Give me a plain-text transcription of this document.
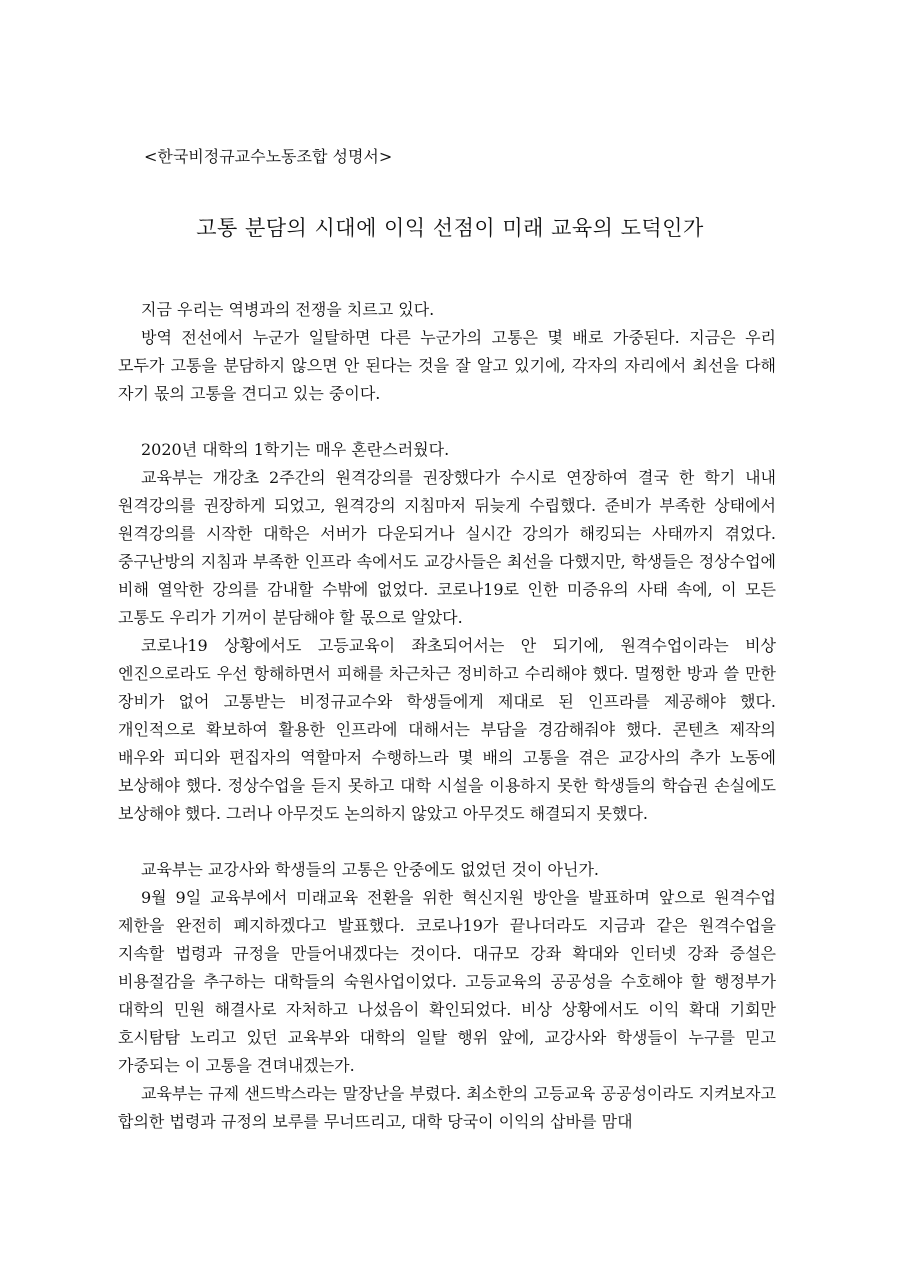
<한국비정규교수노동조합 성명서>
고통 분담의 시대에 이익 선점이 미래 교육의 도덕인가

지금 우리는 역병과의 전쟁을 치르고 있다.

방역 전선에서 누군가 일탈하면 다른 누군가의 고통은 몇 배로 가중된다. 지금은 우리 모두가 고통을 분담하지 않으면 안 된다는 것을 잘 알고 있기에, 각자의 자리에서 최선을 다해 자기 몫의 고통을 견디고 있는 중이다.

2020년 대학의 1학기는 매우 혼란스러웠다.

교육부는 개강초 2주간의 원격강의를 권장했다가 수시로 연장하여 결국 한 학기 내내 원격강의를 권장하게 되었고, 원격강의 지침마저 뒤늦게 수립했다. 준비가 부족한 상태에서 원격강의를 시작한 대학은 서버가 다운되거나 실시간 강의가 해킹되는 사태까지 겪었다. 중구난방의 지침과 부족한 인프라 속에서도 교강사들은 최선을 다했지만, 학생들은 정상수업에 비해 열악한 강의를 감내할 수밖에 없었다. 코로나19로 인한 미증유의 사태 속에, 이 모든 고통도 우리가 기꺼이 분담해야 할 몫으로 알았다.

코로나19 상황에서도 고등교육이 좌초되어서는 안 되기에, 원격수업이라는 비상 엔진으로라도 우선 항해하면서 피해를 차근차근 정비하고 수리해야 했다. 멀쩡한 방과 쓸 만한 장비가 없어 고통받는 비정규교수와 학생들에게 제대로 된 인프라를 제공해야 했다. 개인적으로 확보하여 활용한 인프라에 대해서는 부담을 경감해줘야 했다. 콘텐츠 제작의 배우와 피디와 편집자의 역할마저 수행하느라 몇 배의 고통을 겪은 교강사의 추가 노동에 보상해야 했다. 정상수업을 듣지 못하고 대학 시설을 이용하지 못한 학생들의 학습권 손실에도 보상해야 했다. 그러나 아무것도 논의하지 않았고 아무것도 해결되지 못했다.

교육부는 교강사와 학생들의 고통은 안중에도 없었던 것이 아닌가.

9월 9일 교육부에서 미래교육 전환을 위한 혁신지원 방안을 발표하며 앞으로 원격수업 제한을 완전히 폐지하겠다고 발표했다. 코로나19가 끝나더라도 지금과 같은 원격수업을 지속할 법령과 규정을 만들어내겠다는 것이다. 대규모 강좌 확대와 인터넷 강좌 증설은 비용절감을 추구하는 대학들의 숙원사업이었다. 고등교육의 공공성을 수호해야 할 행정부가 대학의 민원 해결사로 자처하고 나섰음이 확인되었다. 비상 상황에서도 이익 확대 기회만 호시탐탐 노리고 있던 교육부와 대학의 일탈 행위 앞에, 교강사와 학생들이 누구를 믿고 가중되는 이 고통을 견뎌내겠는가.

교육부는 규제 샌드박스라는 말장난을 부렸다. 최소한의 고등교육 공공성이라도 지켜보자고 합의한 법령과 규정의 보루를 무너뜨리고, 대학 당국이 이익의 삽바를 맘대
